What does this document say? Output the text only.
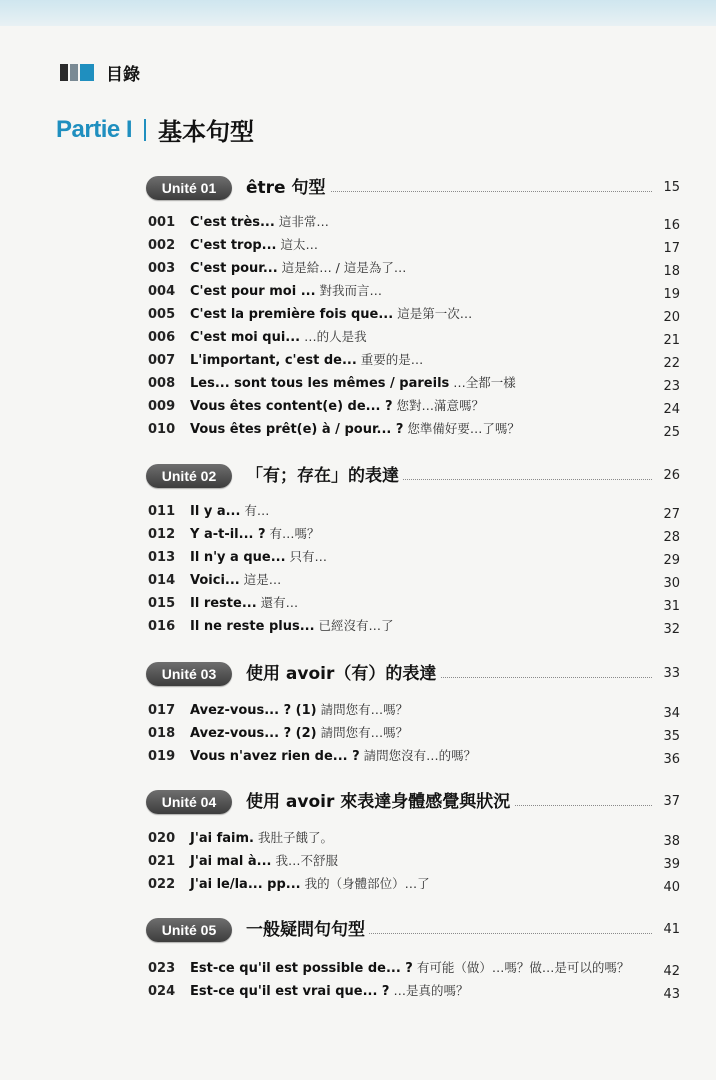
目錄
Partie I 基本句型
Unité 01	être 句型	15
001 C'est très... 這非常…	16
002 C'est trop... 這太…	17
003 C'est pour... 這是給… / 這是為了…	18
004 C'est pour moi ... 對我而言…	19
005 C'est la première fois que... 這是第一次…	20
006 C'est moi qui... …的人是我	21
007 L'important, c'est de... 重要的是…	22
008 Les... sont tous les mêmes / pareils …全都一樣	23
009 Vous êtes content(e) de... ? 您對…滿意嗎？	24
010 Vous êtes prêt(e) à / pour... ? 您準備好要…了嗎？	25
Unité 02	「有；存在」的表達	26
011 Il y a... 有…	27
012 Y a-t-il... ? 有…嗎？	28
013 Il n'y a que... 只有…	29
014 Voici... 這是…	30
015 Il reste... 還有…	31
016 Il ne reste plus... 已經沒有…了	32
Unité 03	使用 avoir（有）的表達	33
017 Avez-vous... ? (1) 請問您有…嗎？	34
018 Avez-vous... ? (2) 請問您有…嗎？	35
019 Vous n'avez rien de... ? 請問您沒有…的嗎？	36
Unité 04	使用 avoir 來表達身體感覺與狀況	37
020 J'ai faim. 我肚子餓了。	38
021 J'ai mal à... 我…不舒服	39
022 J'ai le/la... pp... 我的（身體部位）…了	40
Unité 05	一般疑問句句型	41
023 Est-ce qu'il est possible de... ? 有可能（做）…嗎？做…是可以的嗎？	42
024 Est-ce qu'il est vrai que... ? …是真的嗎？	43
